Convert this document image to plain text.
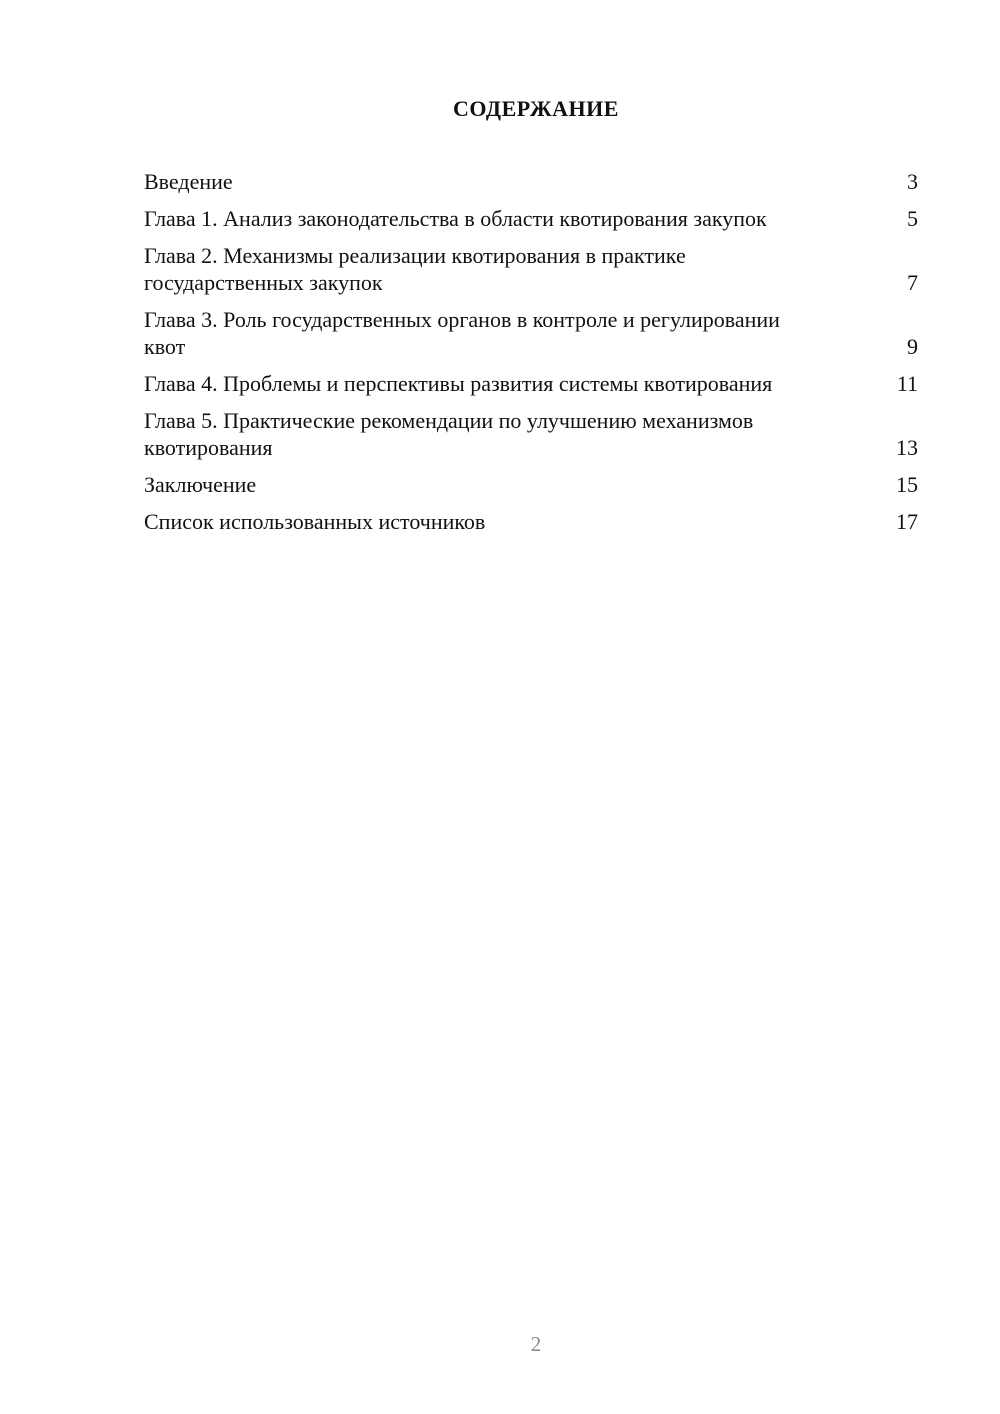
СОДЕРЖАНИЕ
Введение	3
Глава 1. Анализ законодательства в области квотирования закупок	5
Глава 2. Механизмы реализации квотирования в практике государственных закупок	7
Глава 3. Роль государственных органов в контроле и регулировании квот	9
Глава 4. Проблемы и перспективы развития системы квотирования	11
Глава 5. Практические рекомендации по улучшению механизмов квотирования	13
Заключение	15
Список использованных источников	17
2
